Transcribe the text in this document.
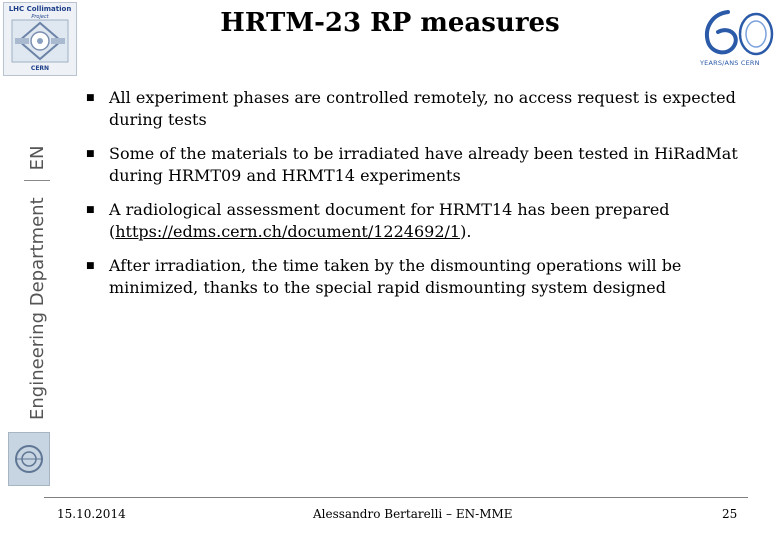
LHC Collimation
Project
CERN
HRTM-23 RP measures
YEARS/ANS CERN
Engineering Department
EN
■ All experiment phases are controlled remotely, no access request is expected during tests
■ Some of the materials to be irradiated have already been tested in HiRadMat during HRMT09 and HRMT14 experiments
■ A radiological assessment document for HRMT14 has been prepared (https://edms.cern.ch/document/1224692/1).
■ After irradiation, the time taken by the dismounting operations will be minimized, thanks to the special rapid dismounting system designed
15.10.2014	Alessandro Bertarelli – EN-MME	25
